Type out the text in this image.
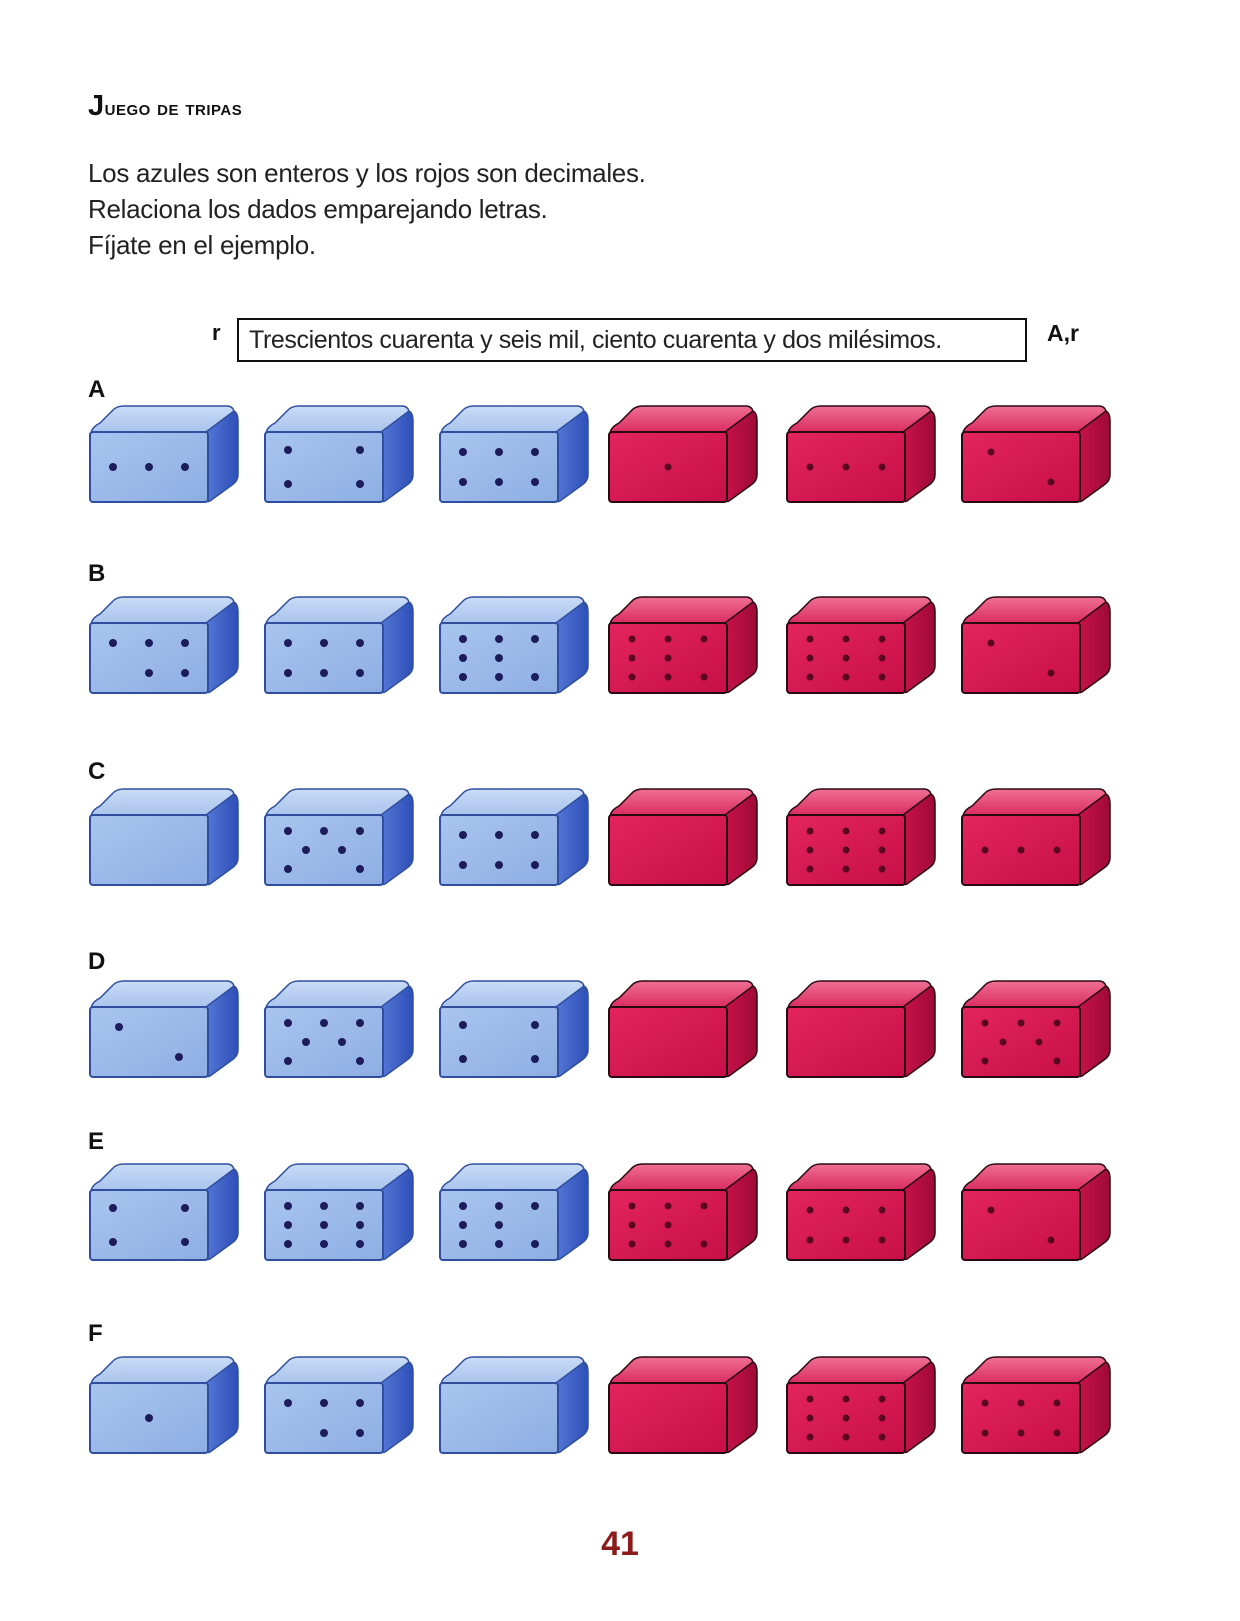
Juego de tripas

Los azules son enteros y los rojos son decimales.

Relaciona los dados emparejando letras.

Fíjate en el ejemplo.

r	Trescientos cuarenta y seis mil, ciento cuarenta y dos milésimos.	A,r
A
B
C
D
E
F
41
